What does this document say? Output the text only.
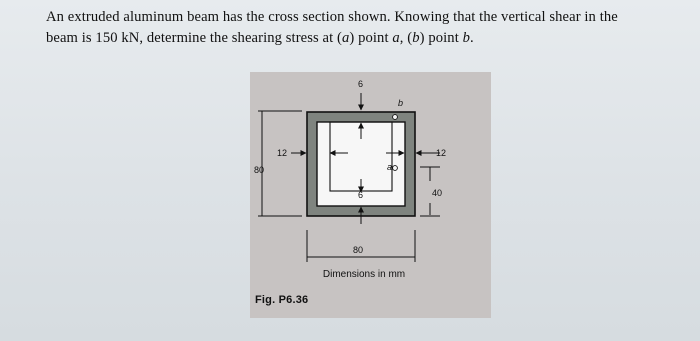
An extruded aluminum beam has the cross section shown. Knowing that the vertical shear in the
beam is 150 kN, determine the shearing stress at (a) point a, (b) point b.
6
b
12
80	a
12
6	40
80
Dimensions in mm
Fig. P6.36
